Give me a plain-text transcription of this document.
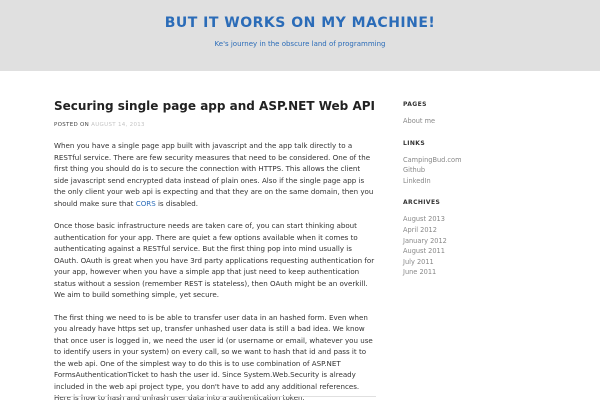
BUT IT WORKS ON MY MACHINE!
Ke's journey in the obscure land of programming
Securing single page app and ASP.NET Web API
POSTED ON AUGUST 14, 2013

When you have a single page app built with javascript and the app talk directly to a RESTful service. There are few security measures that need to be considered. One of the first thing you should do is to secure the connection with HTTPS. This allows the client side javascript send encrypted data instead of plain ones. Also if the single page app is the only client your web api is expecting and that they are on the same domain, then you should make sure that CORS is disabled.

Once those basic infrastructure needs are taken care of, you can start thinking about authentication for your app. There are quiet a few options available when it comes to authenticating against a RESTful service. But the first thing pop into mind usually is OAuth. OAuth is great when you have 3rd party applications requesting authentication for your app, however when you have a simple app that just need to keep authentication status without a session (remember REST is stateless), then OAuth might be an overkill. We aim to build something simple, yet secure.

The first thing we need to is be able to transfer user data in an hashed form. Even when you already have https set up, transfer unhashed user data is still a bad idea. We know that once user is logged in, we need the user id (or username or email, whatever you use to identify users in your system) on every call, so we want to hash that id and pass it to the web api. One of the simplest way to do this is to use combination of ASP.NET FormsAuthenticationTicket to hash the user id. Since System.Web.Security is already included in the web api project type, you don't have to add any additional references.

PAGES
About me
LINKS
CampingBud.com
Github
LinkedIn
ARCHIVES
August 2013
April 2012
January 2012
August 2011
July 2011
June 2011
